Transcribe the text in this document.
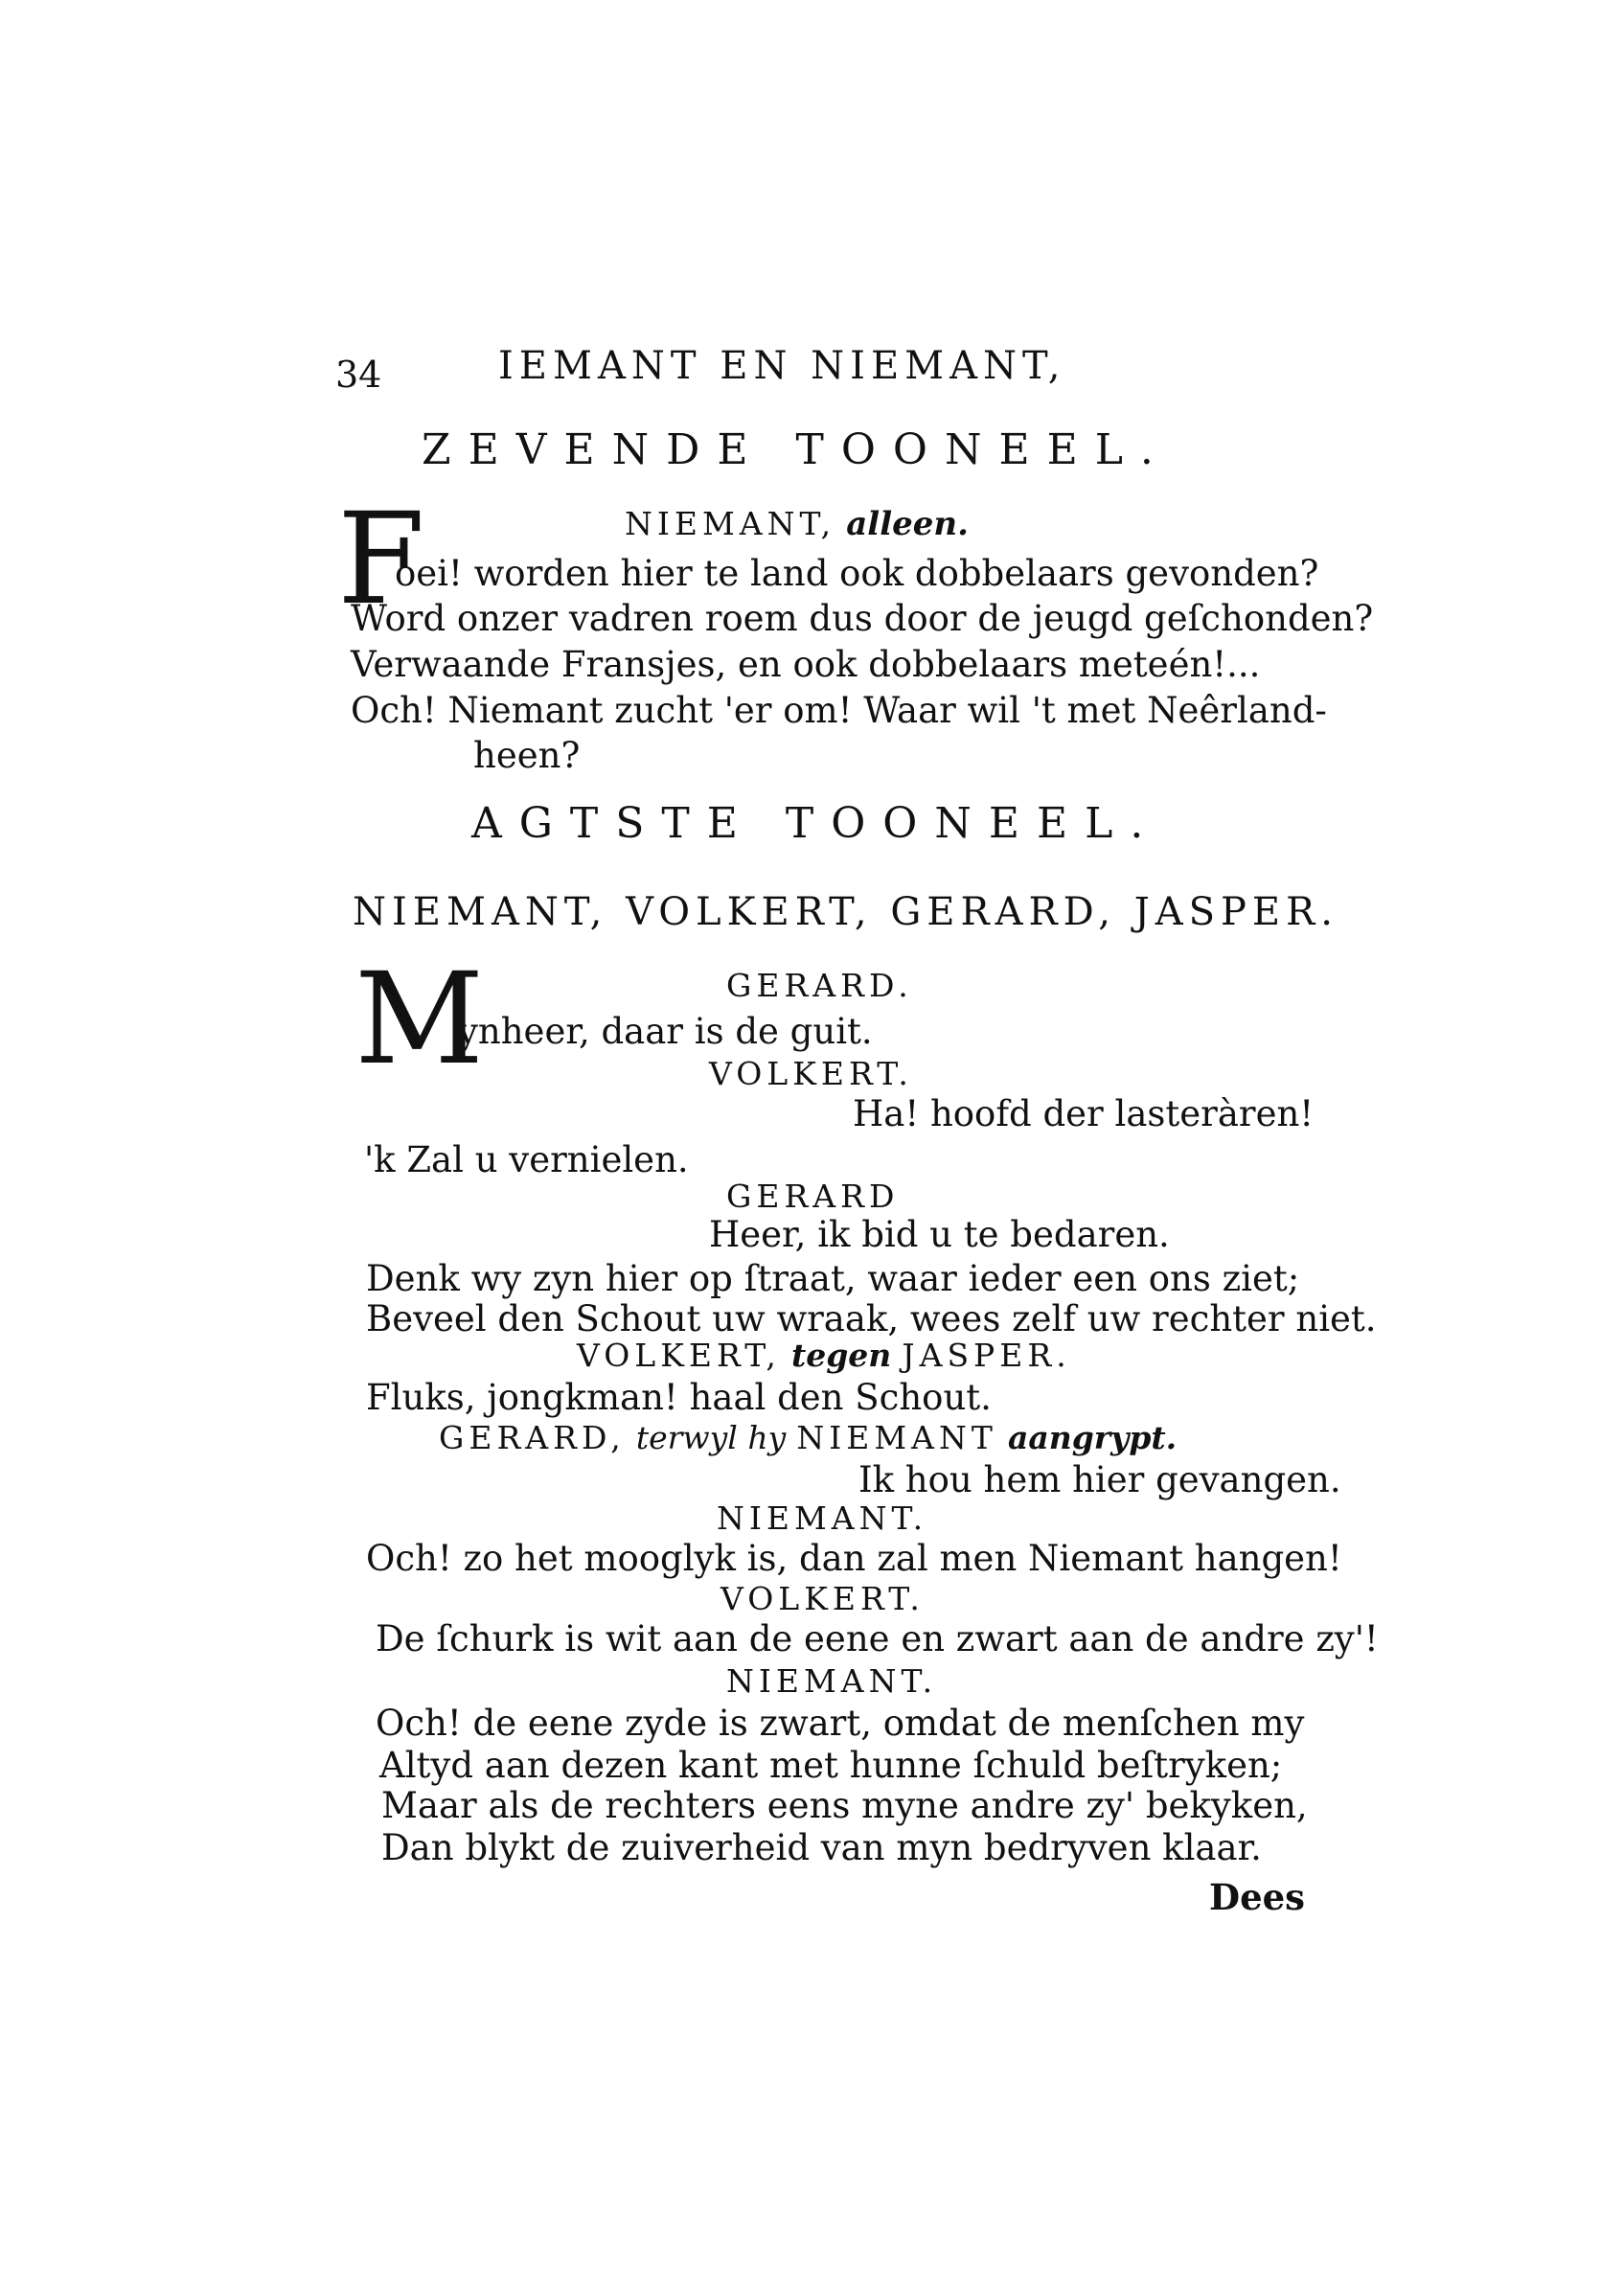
34	IEMANT EN NIEMANT,
ZEVENDE TOONEEL.
F	NIEMANT, alleen.
oei! worden hier te land ook dobbelaars gevonden?
Word onzer vadren roem dus door de jeugd geſchonden?
Verwaande Fransjes, en ook dobbelaars meteén!...
Och! Niemant zucht 'er om! Waar wil 't met Neêrland-
heen?
AGTSTE TOONEEL.
NIEMANT, VOLKERT, GERARD, JASPER.
M	GERARD.
ynheer, daar is de guit.
VOLKERT.
Ha! hoofd der lasteràren!
'k Zal u vernielen.
GERARD
Heer, ik bid u te bedaren.
Denk wy zyn hier op ſtraat, waar ieder een ons ziet;
Beveel den Schout uw wraak, wees zelf uw rechter niet.
VOLKERT, tegen JASPER.
Fluks, jongkman! haal den Schout.
GERARD, terwyl hy NIEMANT aangrypt.
Ik hou hem hier gevangen.
NIEMANT.
Och! zo het mooglyk is, dan zal men Niemant hangen!
VOLKERT.
De ſchurk is wit aan de eene en zwart aan de andre zy'!
NIEMANT.
Och! de eene zyde is zwart, omdat de menſchen my
Altyd aan dezen kant met hunne ſchuld beſtryken;
Maar als de rechters eens myne andre zy' bekyken,
Dan blykt de zuiverheid van myn bedryven klaar.
Dees
